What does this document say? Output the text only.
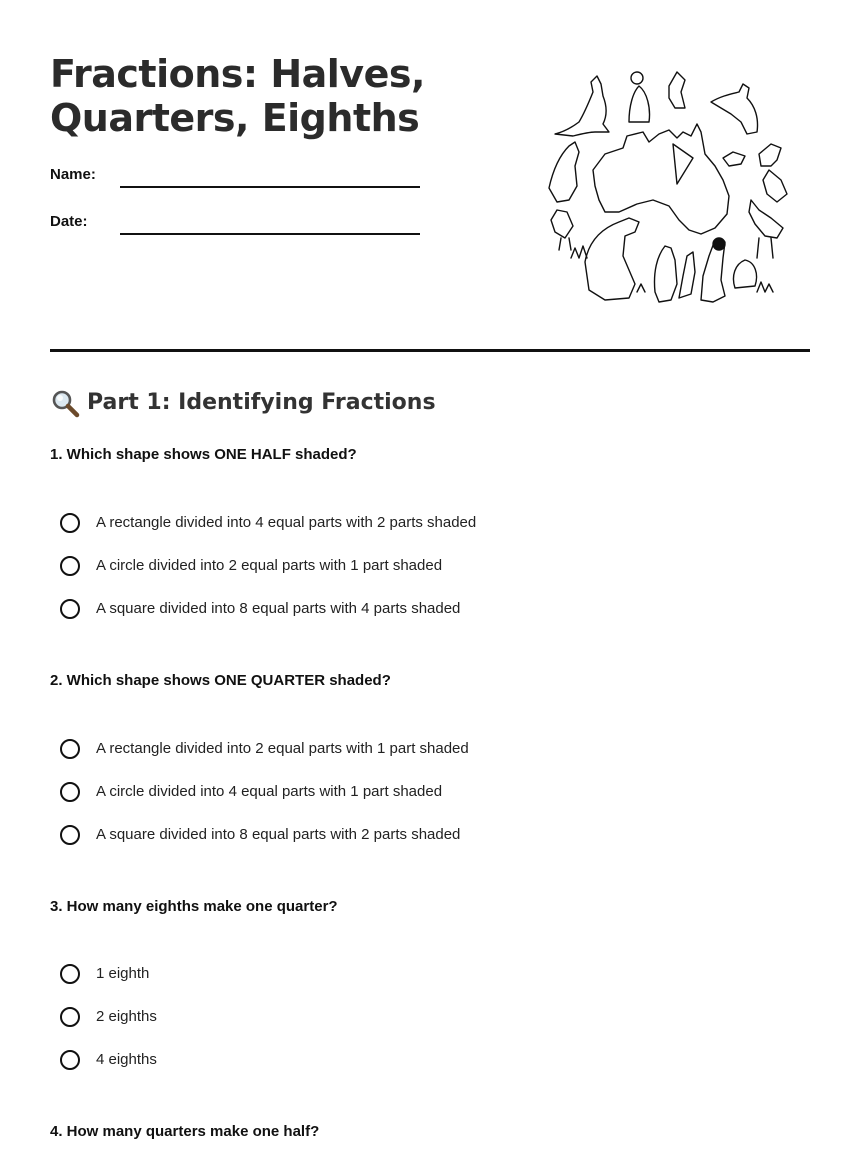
Fractions: Halves, Quarters, Eighths
Name:
Date:
Part 1: Identifying Fractions

1. Which shape shows ONE HALF shaded?

A rectangle divided into 4 equal parts with 2 parts shaded
A circle divided into 2 equal parts with 1 part shaded
A square divided into 8 equal parts with 4 parts shaded

2. Which shape shows ONE QUARTER shaded?

A rectangle divided into 2 equal parts with 1 part shaded
A circle divided into 4 equal parts with 1 part shaded
A square divided into 8 equal parts with 2 parts shaded

3. How many eighths make one quarter?

1 eighth
2 eighths
4 eighths

4. How many quarters make one half?
